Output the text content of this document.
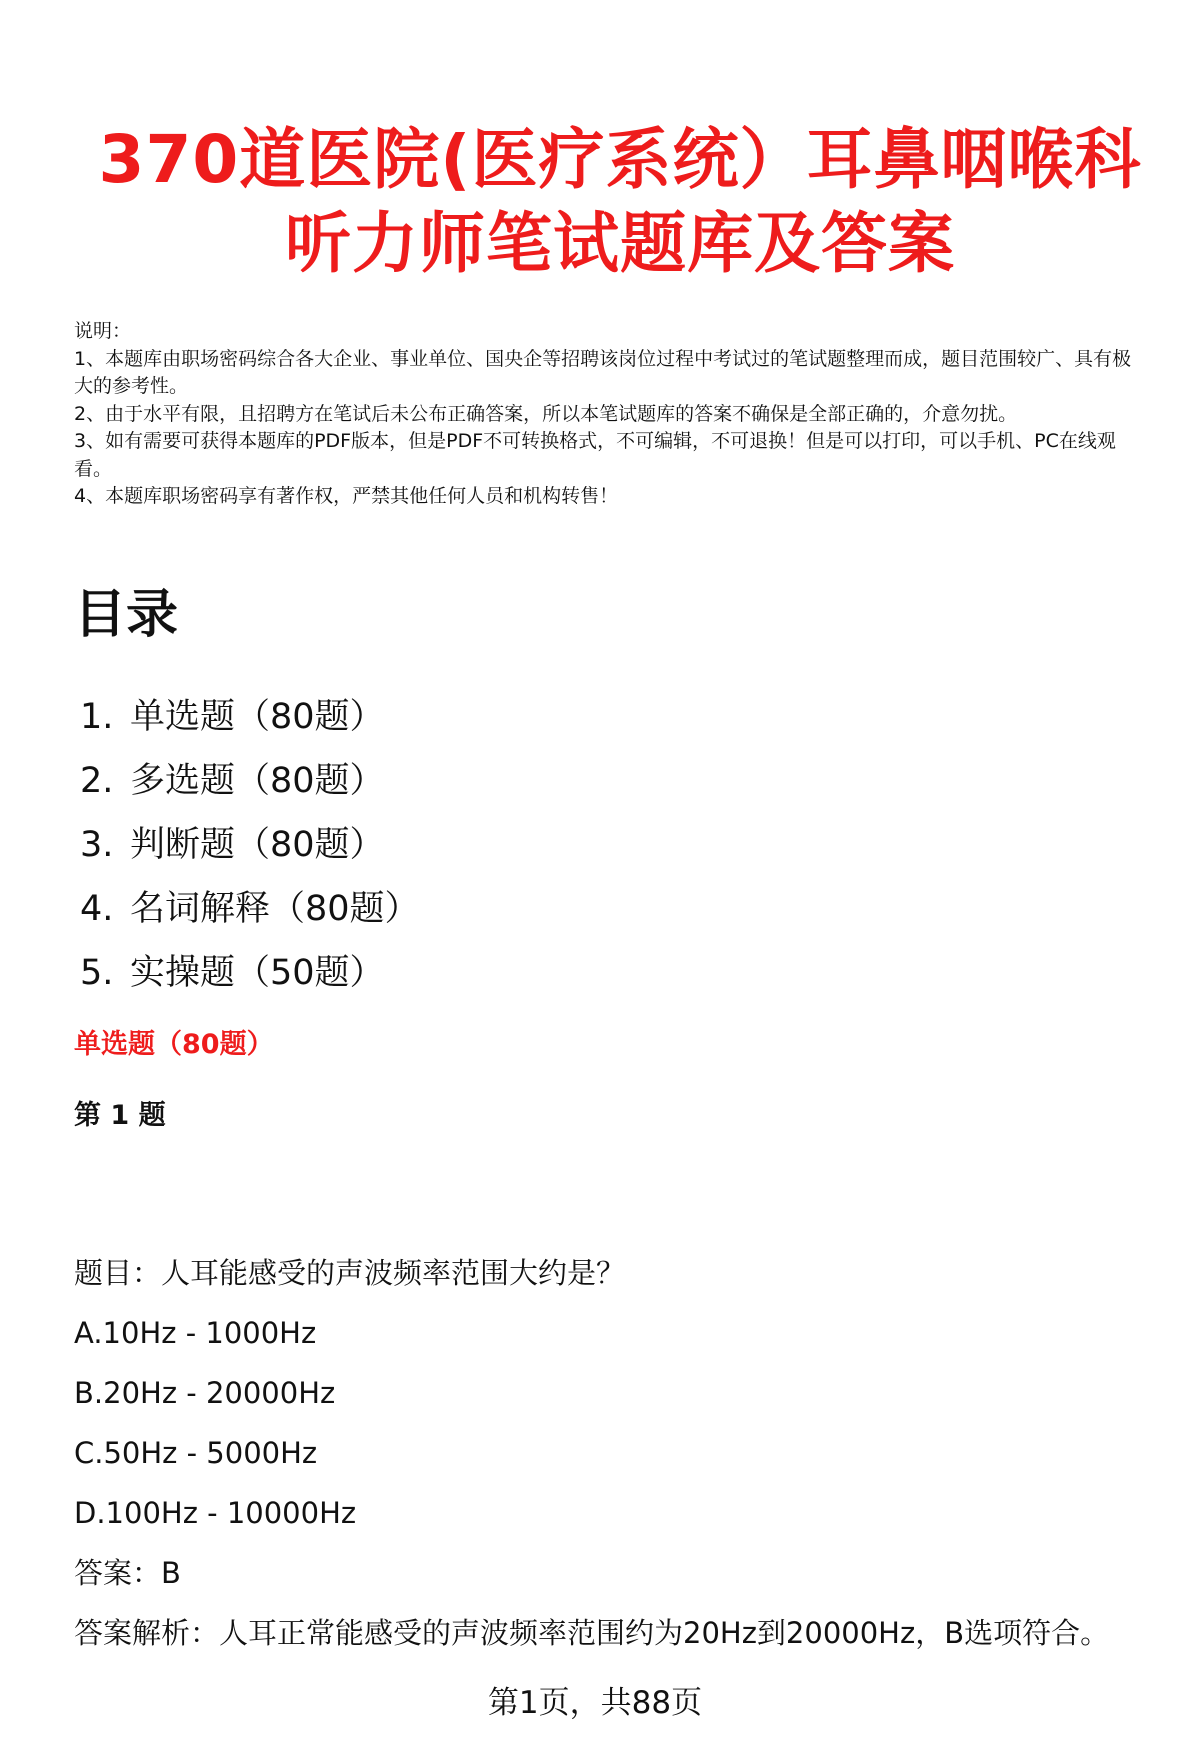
370道医院(医疗系统）耳鼻咽喉科
听力师笔试题库及答案
说明：
1、本题库由职场密码综合各大企业、事业单位、国央企等招聘该岗位过程中考试过的笔试题整理而成，题目范围较广、具有极大的参考性。
2、由于水平有限，且招聘方在笔试后未公布正确答案，所以本笔试题库的答案不确保是全部正确的，介意勿扰。
3、如有需要可获得本题库的PDF版本，但是PDF不可转换格式，不可编辑，不可退换！但是可以打印，可以手机、PC在线观看。
4、本题库职场密码享有著作权，严禁其他任何人员和机构转售！
目录
1. 单选题（80题）
2. 多选题（80题）
3. 判断题（80题）
4. 名词解释（80题）
5. 实操题（50题）
单选题（80题）
第 1 题
题目：人耳能感受的声波频率范围大约是？
A.10Hz - 1000Hz
B.20Hz - 20000Hz
C.50Hz - 5000Hz
D.100Hz - 10000Hz
答案：B
答案解析：人耳正常能感受的声波频率范围约为20Hz到20000Hz，B选项符合。
第1页，共88页
